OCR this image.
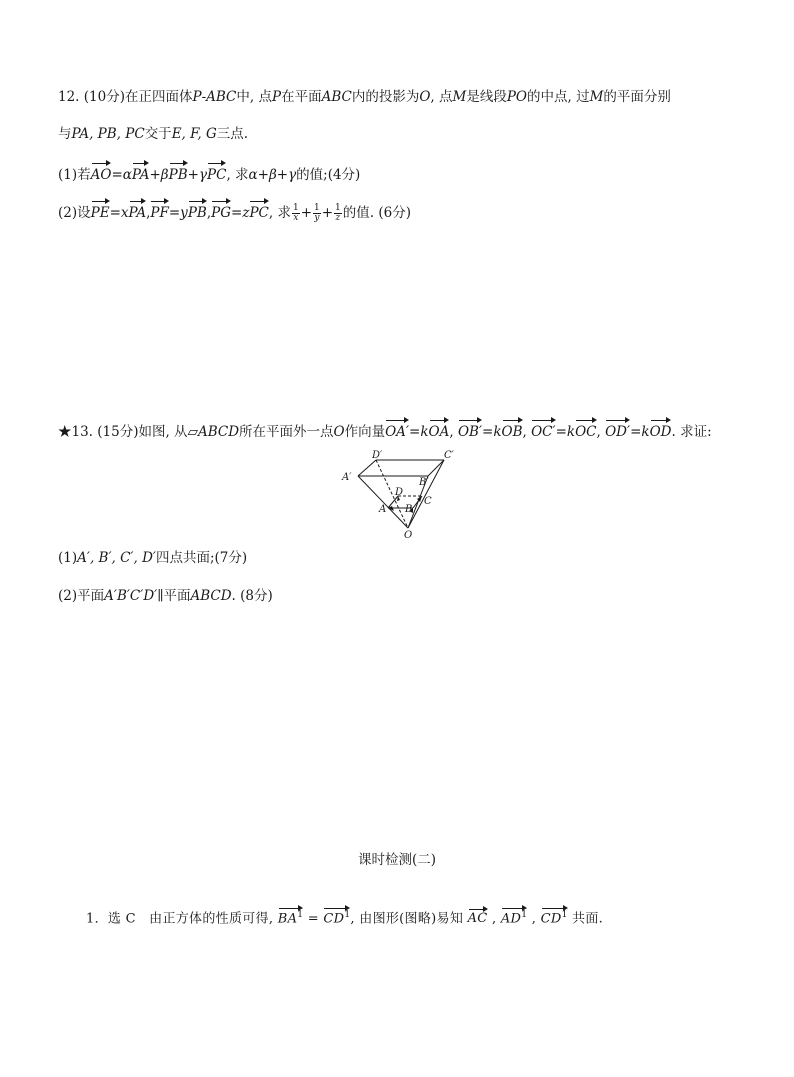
12. (10分)在正四面体P-ABC中, 点P在平面ABC内的投影为O, 点M是线段PO的中点, 过M的平面分别
与PA, PB, PC交于E, F, G三点.
(1)若AO=αPA+βPB+γPC, 求α+β+γ的值;(4分)
(2)设PE=xPA,PF=yPB,PG=zPC, 求 $\frac{1}{x} + \frac{1}{y} + \frac{1}{z}$ 的值. (6分)
★13. (15分)如图, 从▱ABCD所在平面外一点O作向量OA′=kOA, OB′=kOB, OC′=kOC, OD′=kOD. 求证:
D′	C′
A′	B′
D
C
A B
O
(1)A′, B′, C′, D′四点共面;(7分)
(2)平面A′B′C′D′∥平面ABCD. (8分)
课时检测(二)
1．选 C　由正方体的性质可得, $BA^1 = CD^1$, 由图形(图略)易知 AC , $AD^1$ , $CD^1$ 共面.
